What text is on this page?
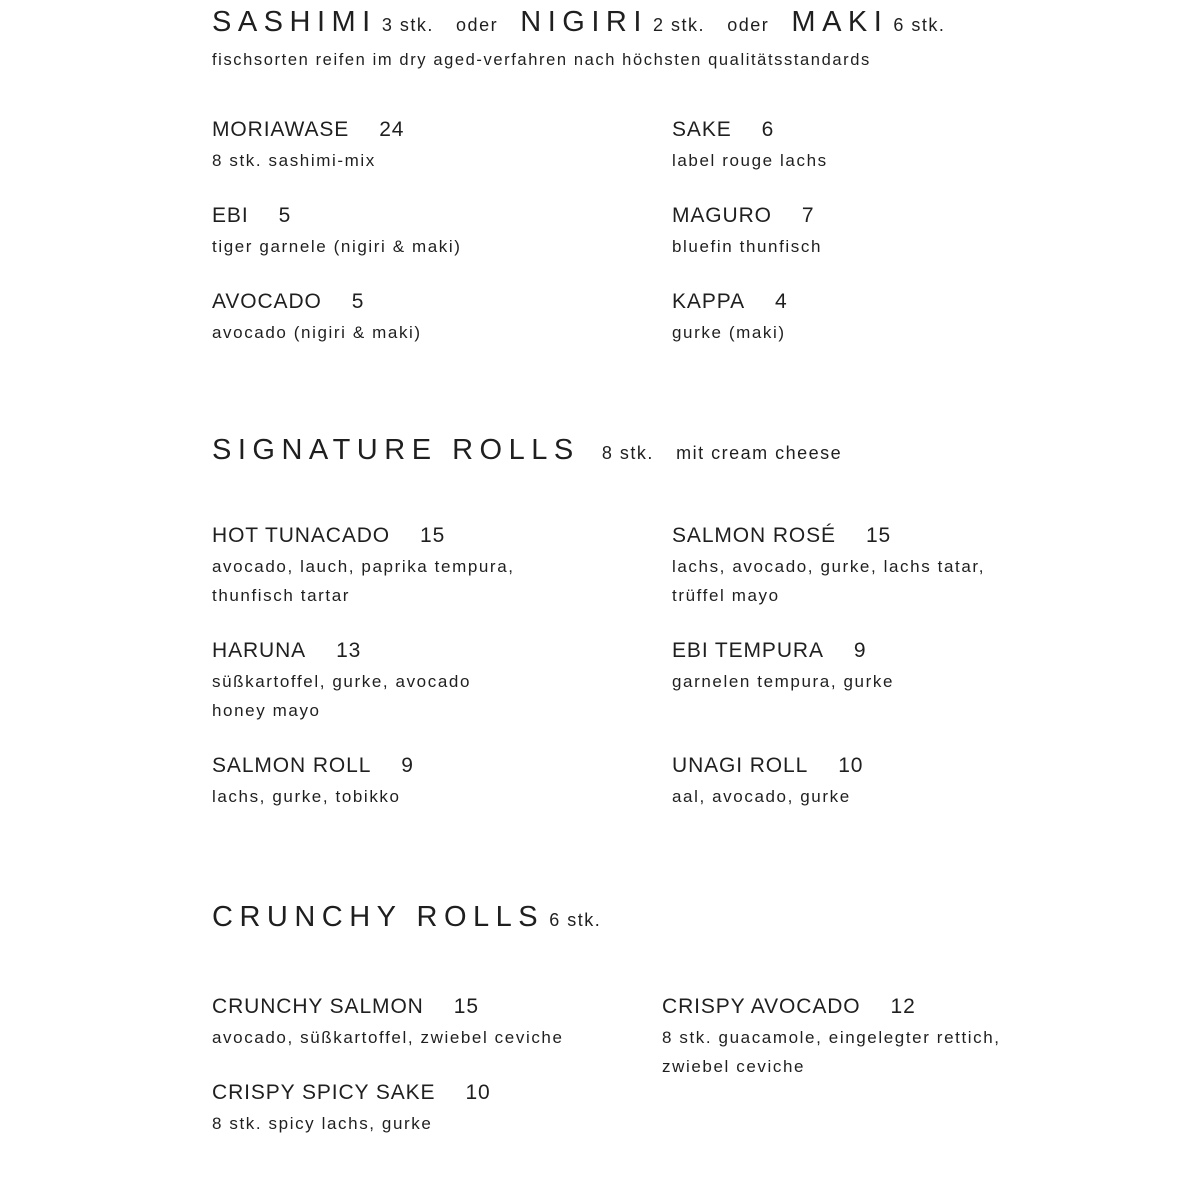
SASHIMI 3 stk. oder NIGIRI 2 stk. oder MAKI 6 stk.
fischsorten reifen im dry aged-verfahren nach höchsten qualitätsstandards
MORIAWASE 24
8 stk. sashimi-mix
SAKE 6
label rouge lachs
EBI 5
tiger garnele (nigiri & maki)
MAGURO 7
bluefin thunfisch
AVOCADO 5
avocado (nigiri & maki)
KAPPA 4
gurke (maki)
SIGNATURE ROLLS 8 stk. mit cream cheese
HOT TUNACADO 15
avocado, lauch, paprika tempura,
thunfisch tartar
SALMON ROSÉ 15
lachs, avocado, gurke, lachs tatar,
trüffel mayo
HARUNA 13
süßkartoffel, gurke, avocado
honey mayo
EBI TEMPURA 9
garnelen tempura, gurke
SALMON ROLL 9
lachs, gurke, tobikko
UNAGI ROLL 10
aal, avocado, gurke
CRUNCHY ROLLS 6 stk.
CRUNCHY SALMON 15
avocado, süßkartoffel, zwiebel ceviche
CRISPY AVOCADO 12
8 stk. guacamole, eingelegter rettich,
zwiebel ceviche
CRISPY SPICY SAKE 10
8 stk. spicy lachs, gurke
